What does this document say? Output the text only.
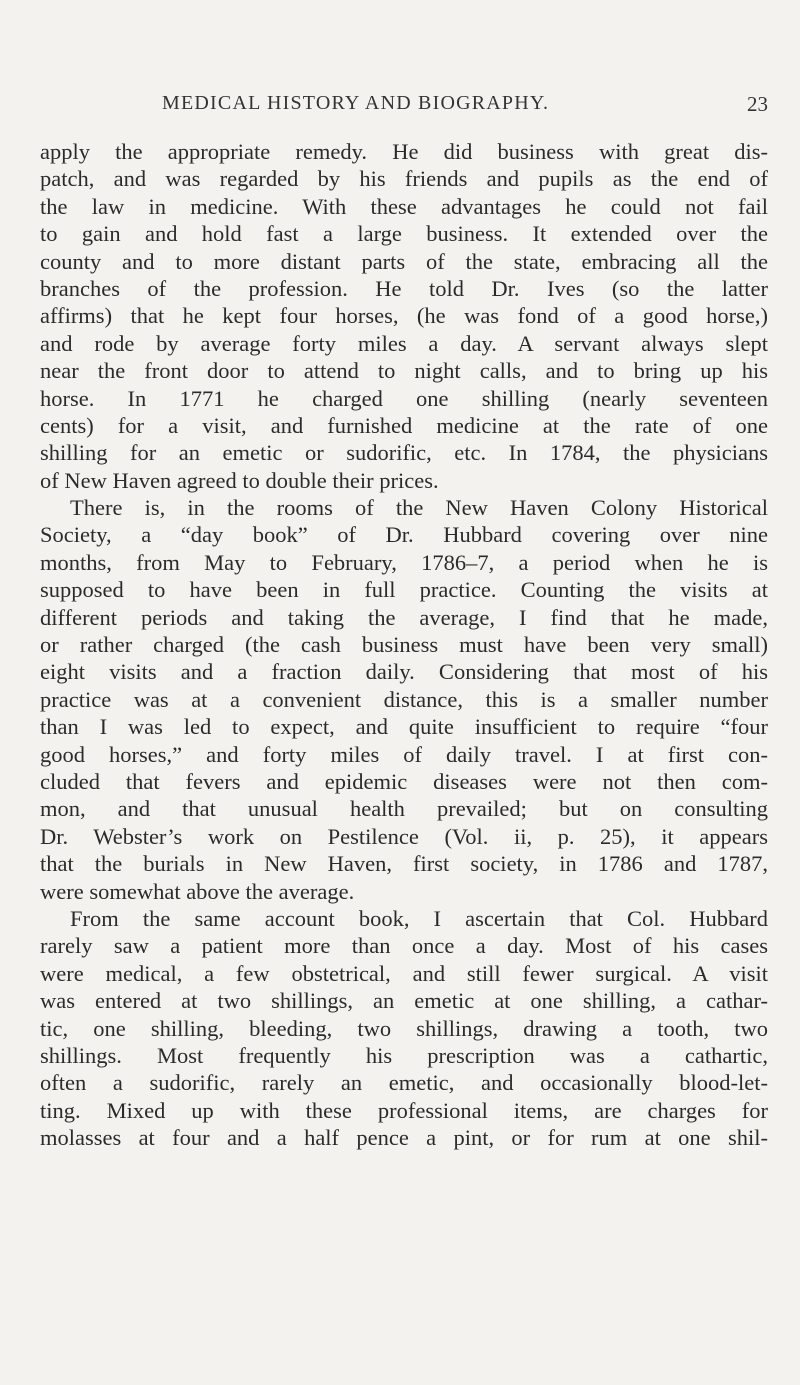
MEDICAL HISTORY AND BIOGRAPHY.	23
apply the appropriate remedy. He did business with great dis-
patch, and was regarded by his friends and pupils as the end of
the law in medicine. With these advantages he could not fail
to gain and hold fast a large business. It extended over the
county and to more distant parts of the state, embracing all the
branches of the profession. He told Dr. Ives (so the latter
affirms) that he kept four horses, (he was fond of a good horse,)
and rode by average forty miles a day. A servant always slept
near the front door to attend to night calls, and to bring up his
horse. In 1771 he charged one shilling (nearly seventeen
cents) for a visit, and furnished medicine at the rate of one
shilling for an emetic or sudorific, etc. In 1784, the physicians
of New Haven agreed to double their prices.
There is, in the rooms of the New Haven Colony Historical
Society, a “day book” of Dr. Hubbard covering over nine
months, from May to February, 1786–7, a period when he is
supposed to have been in full practice. Counting the visits at
different periods and taking the average, I find that he made,
or rather charged (the cash business must have been very small)
eight visits and a fraction daily. Considering that most of his
practice was at a convenient distance, this is a smaller number
than I was led to expect, and quite insufficient to require “four
good horses,” and forty miles of daily travel. I at first con-
cluded that fevers and epidemic diseases were not then com-
mon, and that unusual health prevailed; but on consulting
Dr. Webster’s work on Pestilence (Vol. ii, p. 25), it appears
that the burials in New Haven, first society, in 1786 and 1787,
were somewhat above the average.
From the same account book, I ascertain that Col. Hubbard
rarely saw a patient more than once a day. Most of his cases
were medical, a few obstetrical, and still fewer surgical. A visit
was entered at two shillings, an emetic at one shilling, a cathar-
tic, one shilling, bleeding, two shillings, drawing a tooth, two
shillings. Most frequently his prescription was a cathartic,
often a sudorific, rarely an emetic, and occasionally blood-let-
ting. Mixed up with these professional items, are charges for
molasses at four and a half pence a pint, or for rum at one shil-
